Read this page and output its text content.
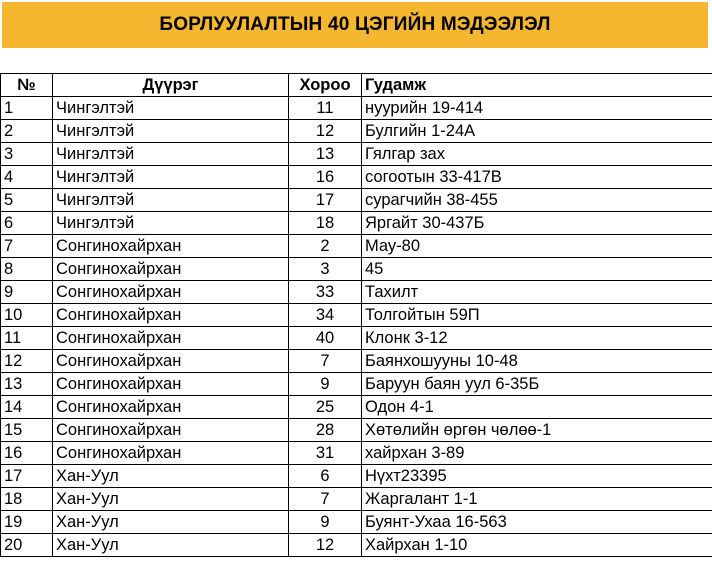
БОРЛУУЛАЛТЫН 40 ЦЭГИЙН МЭДЭЭЛЭЛ
№	Дүүрэг	Хороо	Гудамж
1	Чингэлтэй	11	нуурийн 19-414
2	Чингэлтэй	12	Булгийн 1-24А
3	Чингэлтэй	13	Гялгар зах
4	Чингэлтэй	16	согоотын 33-417В
5	Чингэлтэй	17	сурагчийн 38-455
6	Чингэлтэй	18	Яргайт 30-437Б
7	Сонгинохайрхан	2	Мау-80
8	Сонгинохайрхан	3	45
9	Сонгинохайрхан	33	Тахилт
10	Сонгинохайрхан	34	Толгойтын 59П
11	Сонгинохайрхан	40	Клонк 3-12
12	Сонгинохайрхан	7	Баянхошууны 10-48
13	Сонгинохайрхан	9	Баруун баян уул 6-35Б
14	Сонгинохайрхан	25	Одон 4-1
15	Сонгинохайрхан	28	Хөтөлийн өргөн чөлөө-1
16	Сонгинохайрхан	31	хайрхан 3-89
17	Хан-Уул	6	Нүхт23395
18	Хан-Уул	7	Жаргалант 1-1
19	Хан-Уул	9	Буянт-Ухаа 16-563
20	Хан-Уул	12	Хайрхан 1-10
